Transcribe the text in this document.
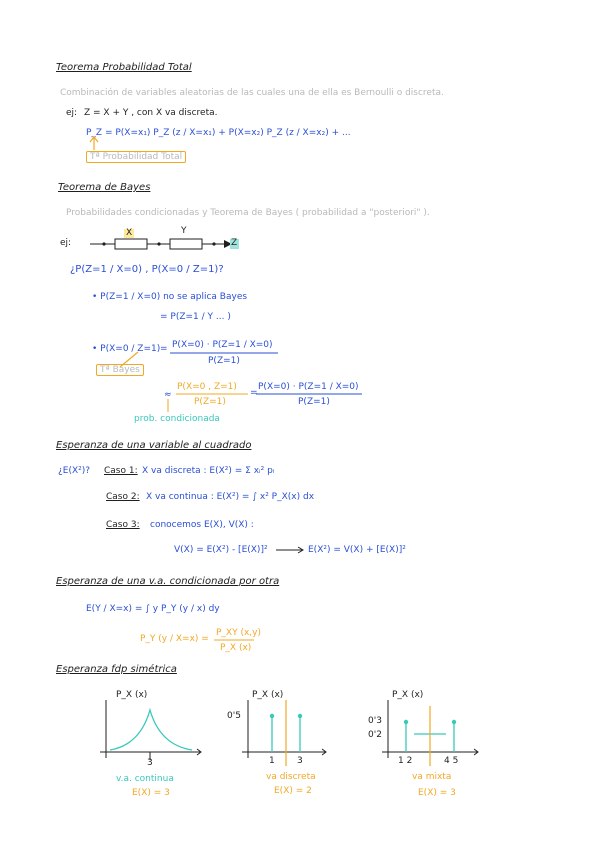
Teorema Probabilidad Total
Combinación de variables aleatorias de las cuales una de ella es Bernoulli o discreta.
ej: Z = X + Y , con X va discreta.
P_Z = P(X=x₁) P_Z (z / X=x₁) + P(X=x₂) P_Z (z / X=x₂) + ...
Tª Probabilidad Total
Teorema de Bayes
Probabilidades condicionadas y Teorema de Bayes ( probabilidad a "posteriori" ).
ej:
X	Y
Z
¿P(Z=1 / X=0) , P(X=0 / Z=1)?
• P(Z=1 / X=0) no se aplica Bayes
= P(Z=1 / Y ... )
• P(X=0 / Z=1) = P(X=0) · P(Z=1 / X=0)
P(Z=1)
Tª Bayes
≈
P(X=0 , Z=1)
P(Z=1)
=
P(X=0) · P(Z=1 / X=0)
P(Z=1)
prob. condicionada
Esperanza de una variable al cuadrado
¿E(X²)? Caso 1: X va discreta : E(X²) = Σ xᵢ² pᵢ
Caso 2: X va continua : E(X²) = ∫ x² P_X(x) dx
Caso 3: conocemos E(X), V(X) :
V(X) = E(X²) - [E(X)]²	E(X²) = V(X) + [E(X)]²
Esperanza de una v.a. condicionada por otra
E(Y / X=x) = ∫ y P_Y (y / x) dy
P_Y (y / X=x) =
P_XY (x,y)
P_X (x)
Esperanza fdp simétrica
P_X (x)
3
v.a. continua
E(X) = 3
P_X (x)
0'5
1 3
va discreta
E(X) = 2
P_X (x)
0'3
0'2
1 2	4 5
va mixta
E(X) = 3
